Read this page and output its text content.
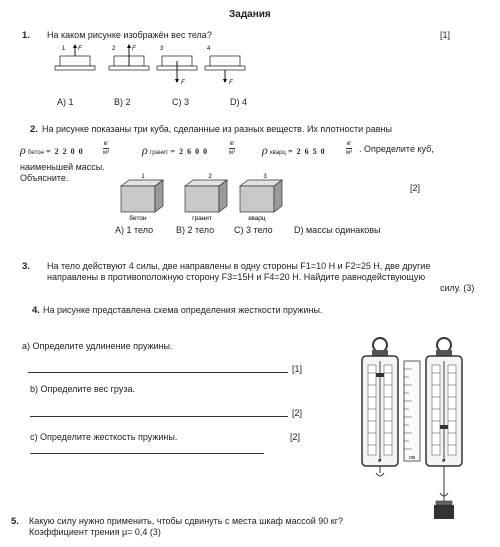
Задания
1. На каком рисунке изображён вес тела?	[1]
1 F	2	F	3
F
4
F
A) 1	B) 2	C) 3	D) 4
2. На рисунке показаны три куба, сделанные из разных веществ. Их плотности равны
ρ бетон = 2 2 0 0
кг
м³	ρ гранит = 2 6 0 0
кг
м³ ρ кварц = 2 6 5 0
кг
м³ . Определите куб,
наименьшей массы.
Объясните.
[2]
1
бетон
2
гранит
3
кварц
A) 1 тело	B) 2 тело C) 3 тело D) массы одинаковы
3. На тело действуют 4 силы, две направлены в одну стороны F1=10 Н и F2=25 Н, две другие
направлены в противоположную сторону F3=15Н и F4=20 Н. Найдите равнодействующую
силу. (3)
4. На рисунке представлена схема определения жесткости пружины.
a) Определите удлинение пружины.
[1]
b) Определите вес груза.
[2]
c) Определите жесткость пружины.	[2]
кг	см	кг
5. Какую силу нужно применить, чтобы сдвинуть с места шкаф массой 90 кг?
Коэффициент трения μ= 0,4 (3)
